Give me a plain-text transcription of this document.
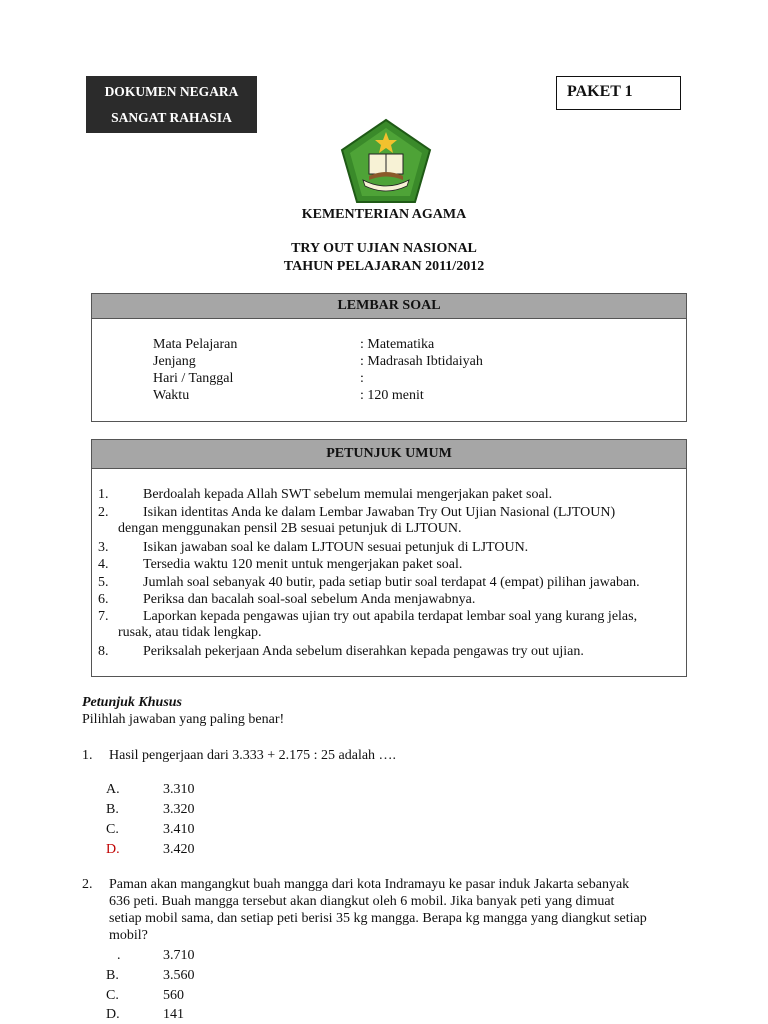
DOKUMEN NEGARA
SANGAT RAHASIA
PAKET 1
KEMENTERIAN AGAMA
TRY OUT UJIAN NASIONAL
TAHUN PELAJARAN 2011/2012
LEMBAR SOAL
Mata Pelajaran	: Matematika
Jenjang	: Madrasah Ibtidaiyah
Hari / Tanggal	:
Waktu	: 120 menit
PETUNJUK UMUM
1. Berdoalah kepada Allah SWT sebelum memulai mengerjakan paket soal.
2. Isikan identitas Anda ke dalam Lembar Jawaban Try Out Ujian Nasional (LJTOUN)
dengan menggunakan pensil 2B sesuai petunjuk di LJTOUN.
3. Isikan jawaban soal ke dalam LJTOUN sesuai petunjuk di LJTOUN.
4. Tersedia waktu 120 menit untuk mengerjakan paket soal.
5. Jumlah soal sebanyak 40 butir, pada setiap butir soal terdapat 4 (empat) pilihan jawaban.
6. Periksa dan bacalah soal-soal sebelum Anda menjawabnya.
7. Laporkan kepada pengawas ujian try out apabila terdapat lembar soal yang kurang jelas,
rusak, atau tidak lengkap.
8. Periksalah pekerjaan Anda sebelum diserahkan kepada pengawas try out ujian.
Petunjuk Khusus
Pilihlah jawaban yang paling benar!
1. Hasil pengerjaan dari 3.333 + 2.175 : 25 adalah ….
A.	3.310
B.	3.320
C.	3.410
D.	3.420
2. Paman akan mangangkut buah mangga dari kota Indramayu ke pasar induk Jakarta sebanyak
636 peti. Buah mangga tersebut akan diangkut oleh 6 mobil. Jika banyak peti yang dimuat
setiap mobil sama, dan setiap peti berisi 35 kg mangga. Berapa kg mangga yang diangkut setiap
mobil?
.	3.710
B.	3.560
C.	560
D.	141
